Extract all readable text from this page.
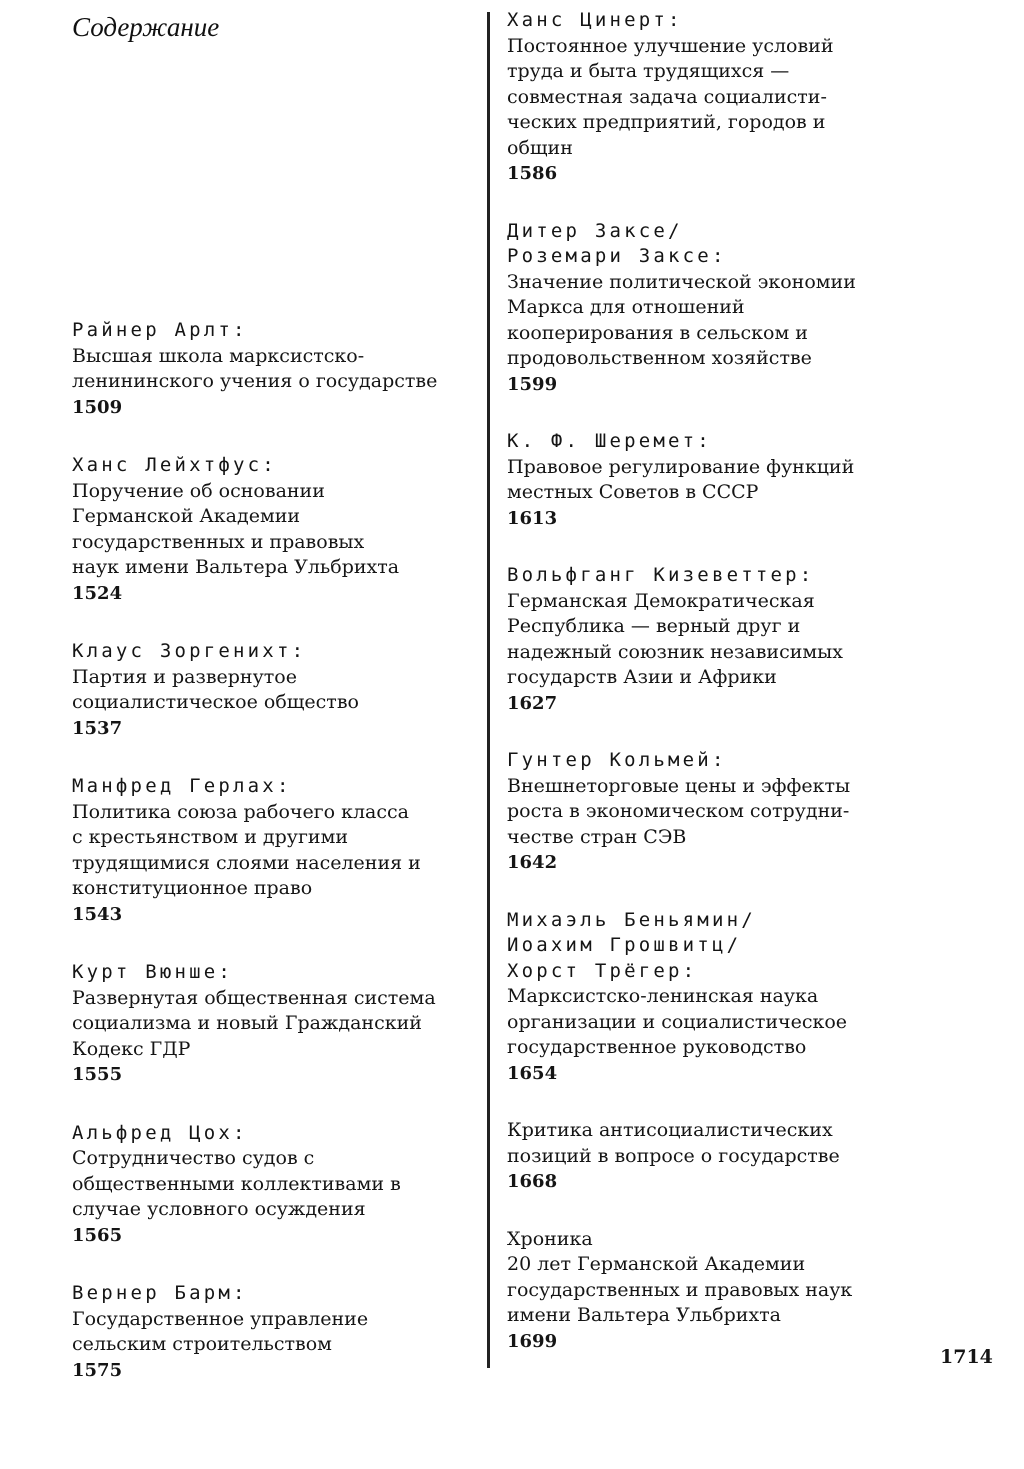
Содержание
Райнер Арлт:
Высшая школа марксистско-
ленининского учения о государстве
1509
Ханс Лейхтфус:
Поручение об основании
Германской Академии
государственных и правовых
наук имени Вальтера Ульбрихта
1524
Клаус Зоргенихт:
Партия и развернутое
социалистическое общество
1537
Манфред Герлах:
Политика союза рабочего класса
с крестьянством и другими
трудящимися слоями населения и
конституционное право
1543
Курт Вюнше:
Развернутая общественная система
социализма и новый Гражданский
Кодекс ГДР
1555
Альфред Цох:
Сотрудничество судов с
общественными коллективами в
случае условного осуждения
1565
Вернер Барм:
Государственное управление
сельским строительством
1575
Ханс Цинерт:
Постоянное улучшение условий
труда и быта трудящихся —
совместная задача социалисти-
ческих предприятий, городов и
общин
1586
Дитер Заксе/
Роземари Заксе:
Значение политической экономии
Маркса для отношений
кооперирования в сельском и
продовольственном хозяйстве
1599
К. Ф. Шеремет:
Правовое регулирование функций
местных Советов в СССР
1613
Вольфганг Кизеветтер:
Германская Демократическая
Республика — верный друг и
надежный союзник независимых
государств Азии и Африки
1627
Гунтер Кольмей:
Внешнеторговые цены и эффекты
роста в экономическом сотрудни-
честве стран СЭВ
1642
Михаэль Беньямин/
Иоахим Грошвитц/
Хорст Трёгер:
Марксистско-ленинская наука
организации и социалистическое
государственное руководство
1654
Критика антисоциалистических
позиций в вопросе о государстве
1668
Хроника
20 лет Германской Академии
государственных и правовых наук
имени Вальтера Ульбрихта
1699
1714
